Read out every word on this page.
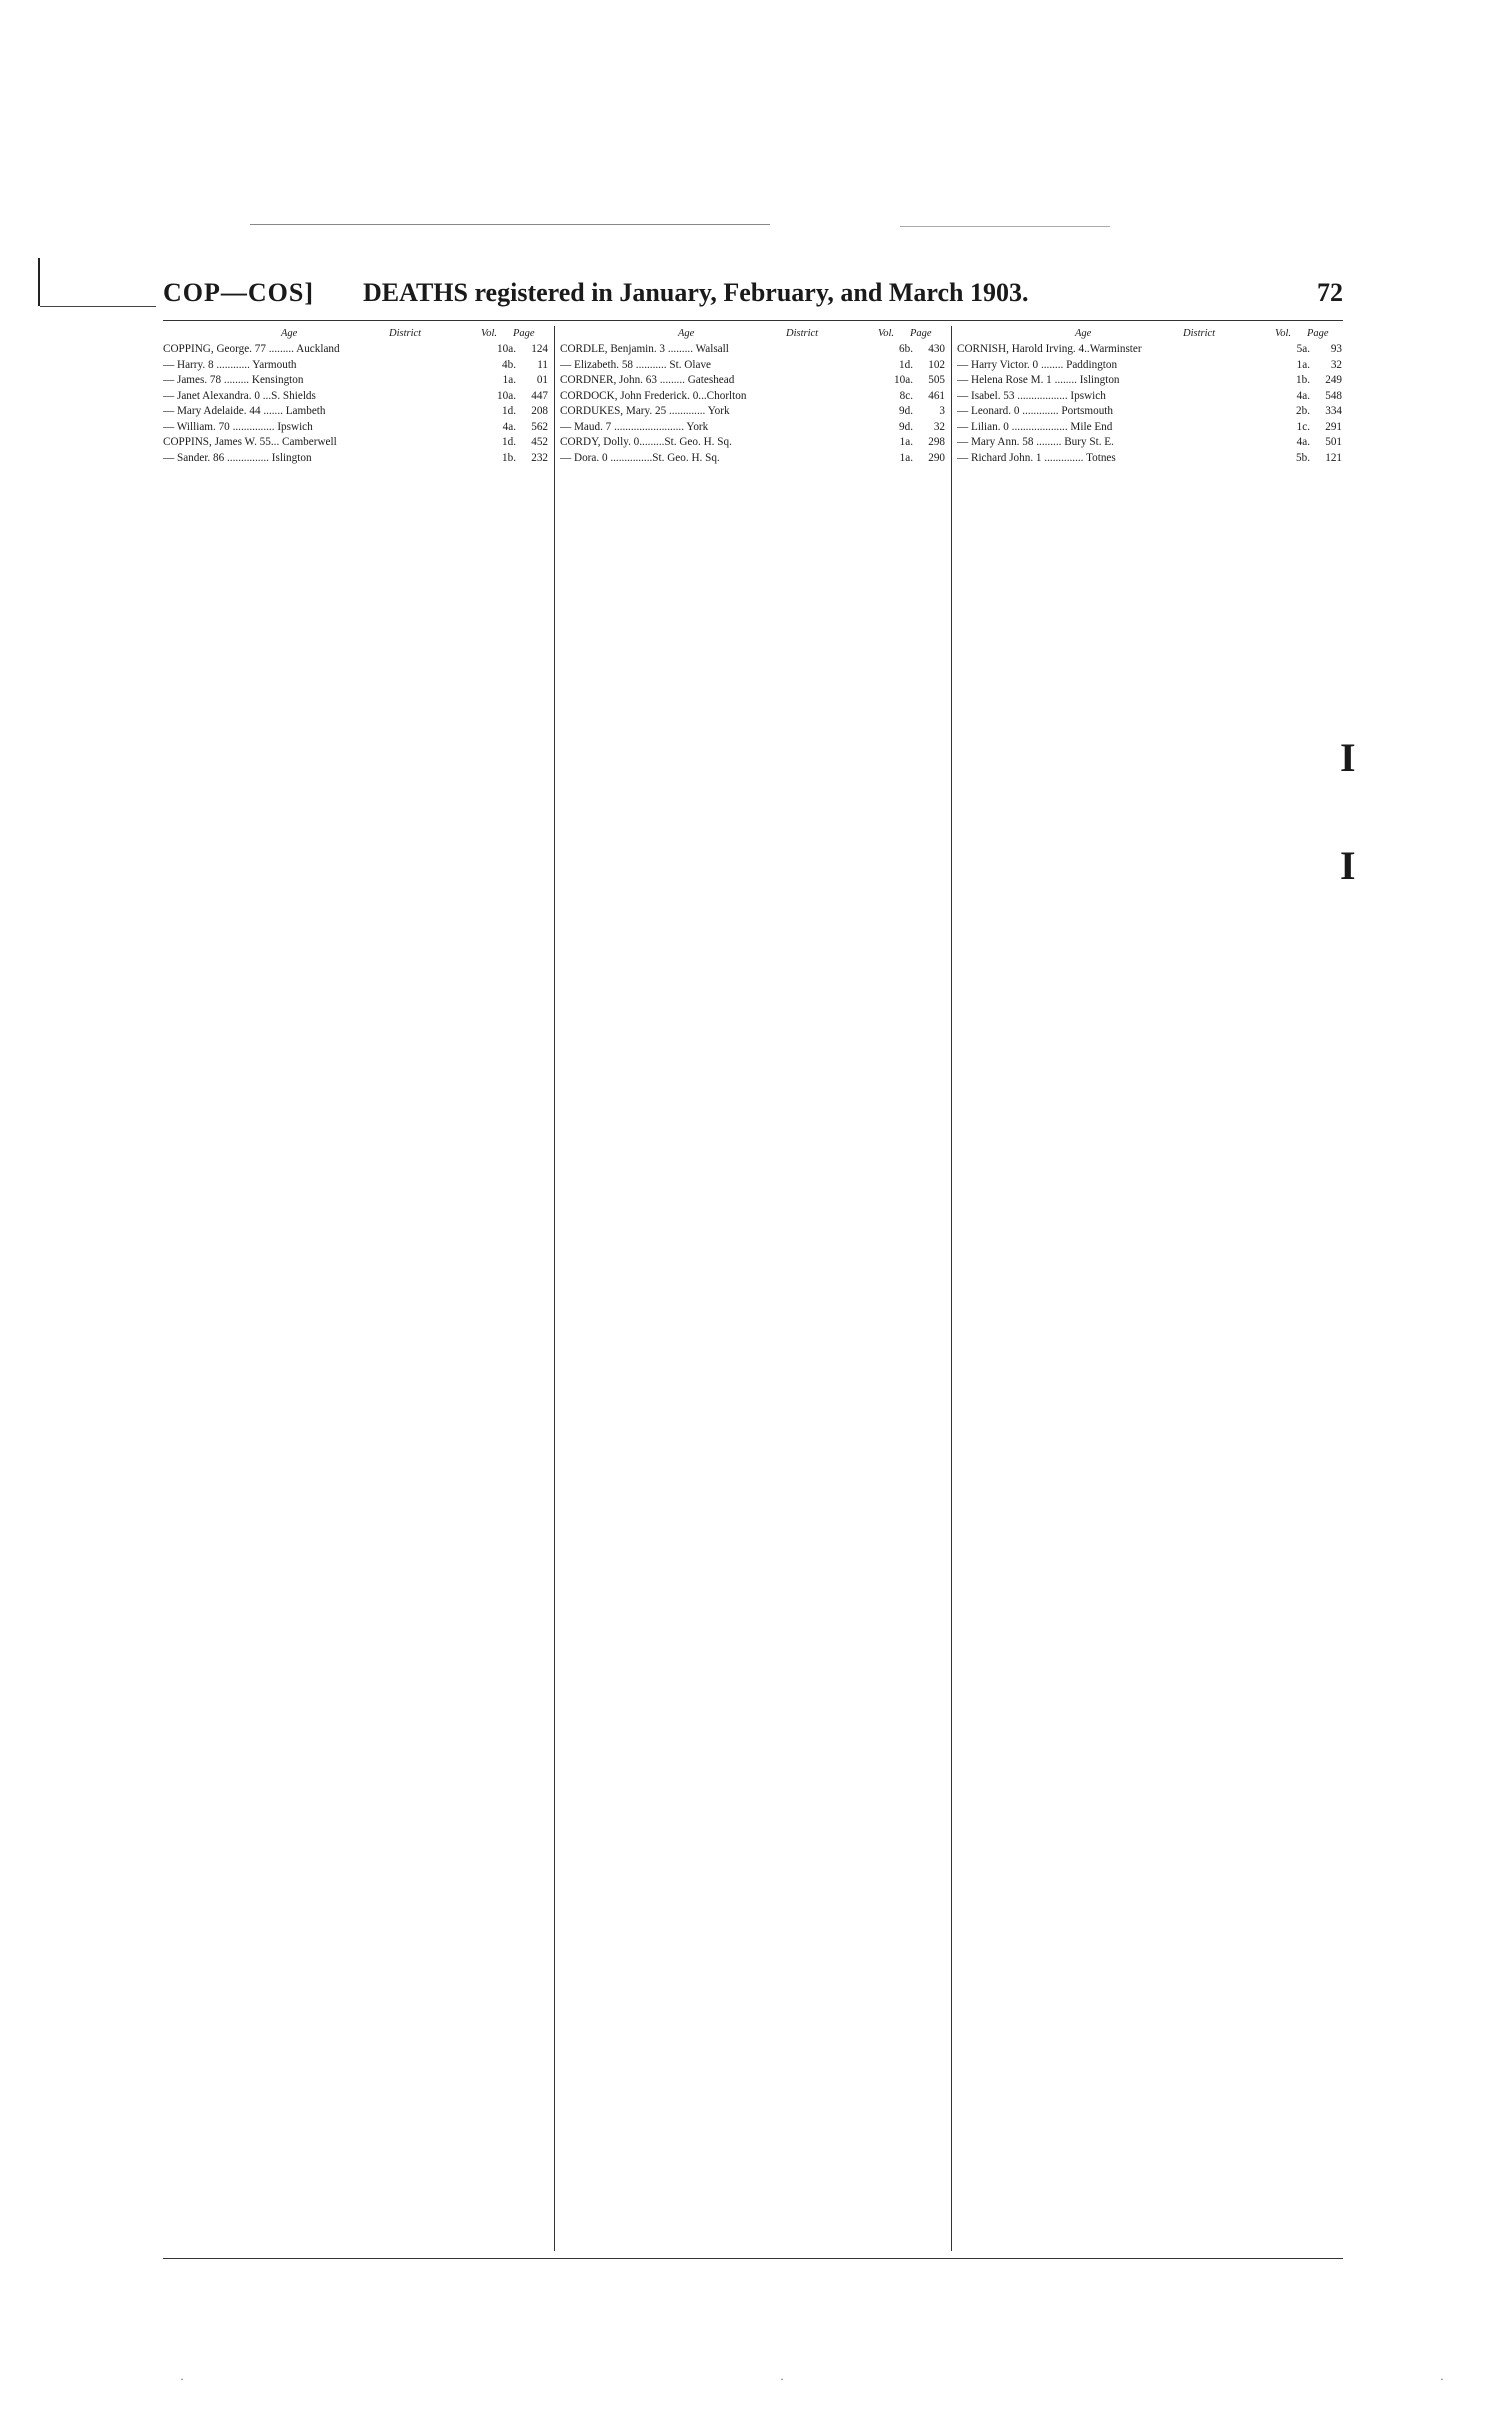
I
I
COP—COS] DEATHS registered in January, February, and March 1903.	72
Age	District	Vol. Page
COPPING, George. 77 ......... Auckland	10a.	124
— Harry. 8 ............ Yarmouth	4b.	11
— James. 78 ......... Kensington	1a.	01
— Janet Alexandra. 0 ...S. Shields	10a.	447
— Mary Adelaide. 44 ....... Lambeth	1d.	208
— William. 70 ............... Ipswich	4a.	562
COPPINS, James W. 55... Camberwell	1d.	452
— Sander. 86 ............... Islington	1b.	232
Age	District	Vol. Page
CORDLE, Benjamin. 3 ......... Walsall	6b.	430
— Elizabeth. 58 ........... St. Olave	1d.	102
CORDNER, John. 63 ......... Gateshead	10a.	505
CORDOCK, John Frederick. 0...Chorlton	8c.	461
CORDUKES, Mary. 25 ............. York	9d.	3
— Maud. 7 ......................... York	9d.	32
CORDY, Dolly. 0.........St. Geo. H. Sq.	1a.	298
— Dora. 0 ...............St. Geo. H. Sq.	1a.	290
Age	District	Vol. Page
CORNISH, Harold Irving. 4..Warminster	5a.	93
— Harry Victor. 0 ........ Paddington	1a.	32
— Helena Rose M. 1 ........ Islington	1b.	249
— Isabel. 53 .................. Ipswich	4a.	548
— Leonard. 0 ............. Portsmouth	2b.	334
— Lilian. 0 .................... Mile End	1c.	291
— Mary Ann. 58 ......... Bury St. E.	4a.	501
— Richard John. 1 .............. Totnes	5b.	121
·	·	·
